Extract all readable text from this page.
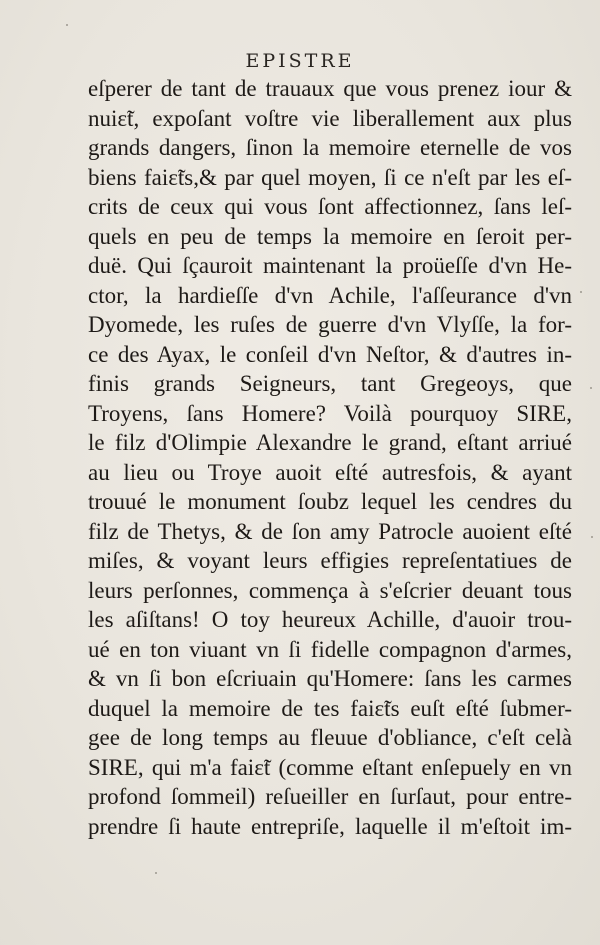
EPISTRE
eſperer de tant de trauaux que vous prenez iour &
nuiɛ̃t, expoſant voſtre vie liberallement aux plus
grands dangers, ſinon la memoire eternelle de vos
biens faiɛ̃ts,& par quel moyen, ſi ce n'eſt par les eſ-
crits de ceux qui vous ſont affectionnez, ſans leſ-
quels en peu de temps la memoire en ſeroit per-
duë. Qui ſçauroit maintenant la proüeſſe d'vn He-
ctor, la hardieſſe d'vn Achile, l'aſſeurance d'vn
Dyomede, les ruſes de guerre d'vn Vlyſſe, la for-
ce des Ayax, le conſeil d'vn Neſtor, & d'autres in-
finis grands Seigneurs, tant Gregeoys, que
Troyens, ſans Homere? Voilà pourquoy SIRE,
le filz d'Olimpie Alexandre le grand, eſtant arriué
au lieu ou Troye auoit eſté autresfois, & ayant
trouué le monument ſoubz lequel les cendres du
filz de Thetys, & de ſon amy Patrocle auoient eſté
miſes, & voyant leurs effigies repreſentatiues de
leurs perſonnes, commença à s'eſcrier deuant tous
les aſiſtans! O toy heureux Achille, d'auoir trou-
ué en ton viuant vn ſi fidelle compagnon d'armes,
& vn ſi bon eſcriuain qu'Homere: ſans les carmes
duquel la memoire de tes faiɛ̃ts euſt eſté ſubmer-
gee de long temps au fleuue d'obliance, c'eſt celà
SIRE, qui m'a faiɛ̃t (comme eſtant enſepuely en vn
profond ſommeil) reſueiller en ſurſaut, pour entre-
prendre ſi haute entrepriſe, laquelle il m'eſtoit im-
